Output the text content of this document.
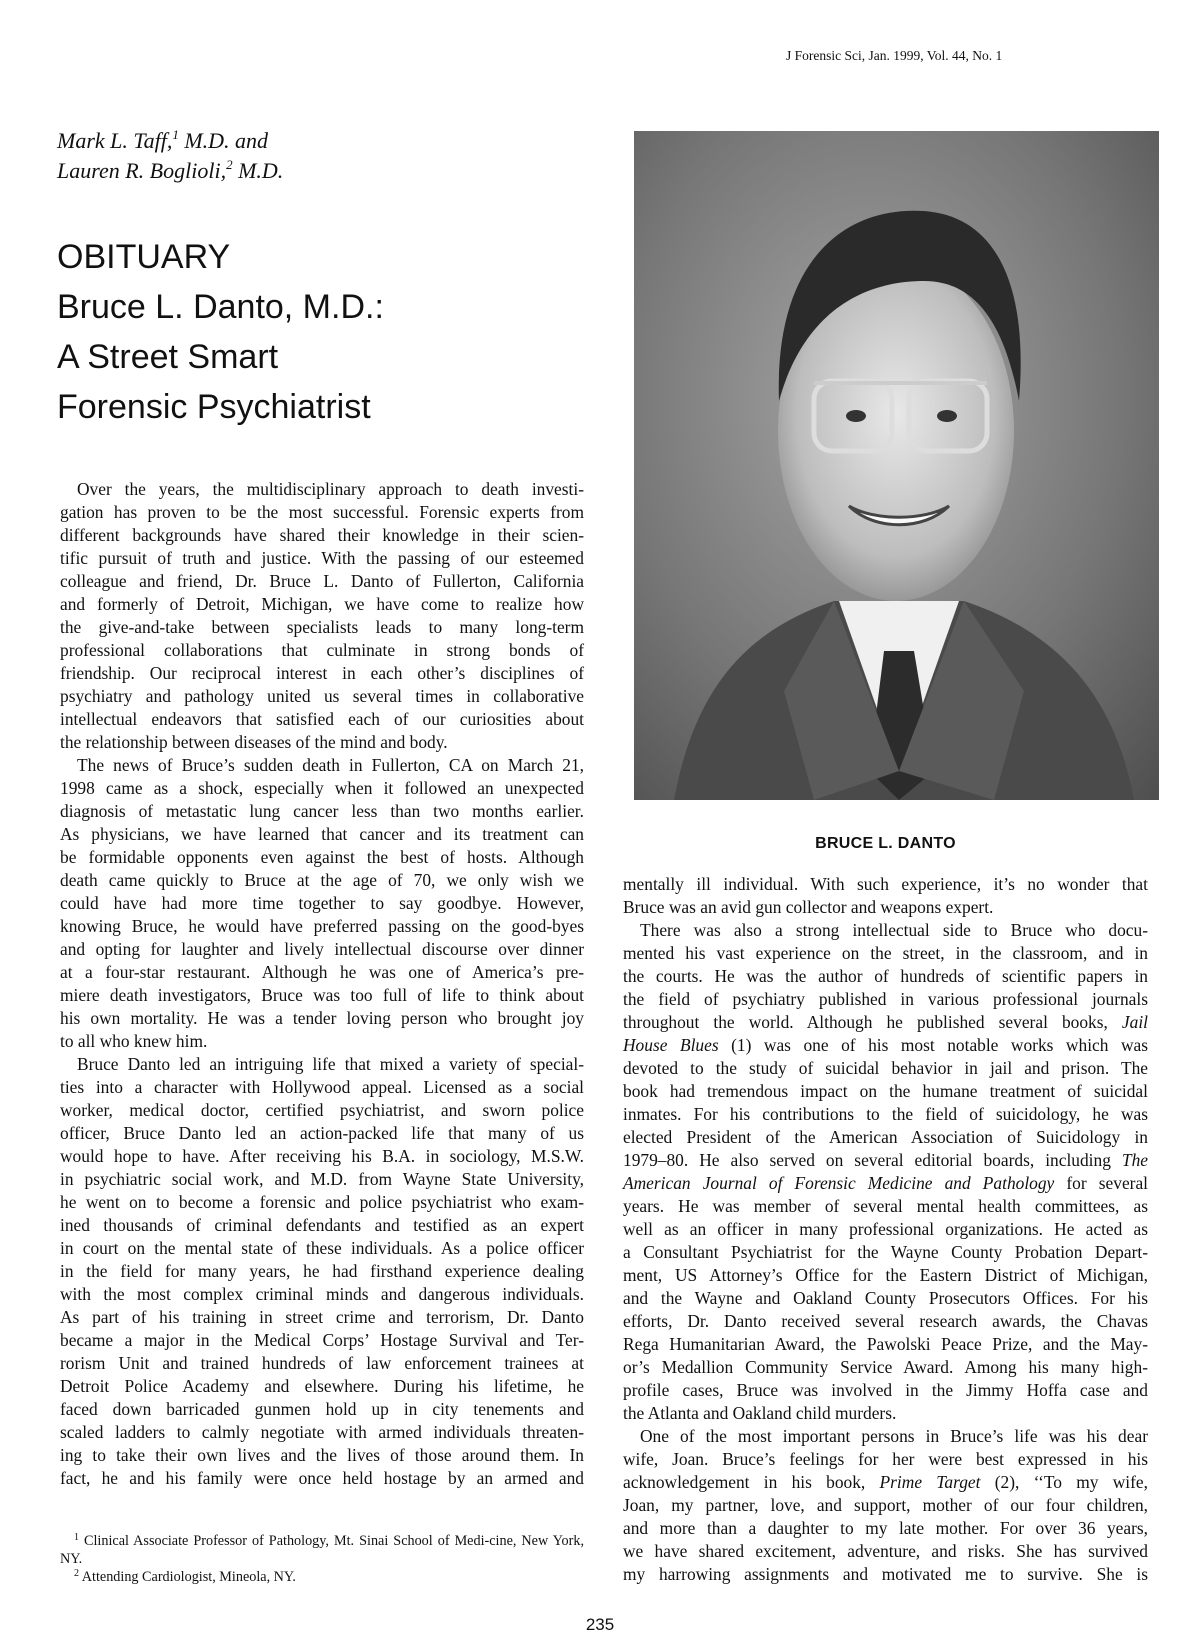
J Forensic Sci, Jan. 1999, Vol. 44, No. 1
Mark L. Taff,$^1$ M.D. and
Lauren R. Boglioli,$^2$ M.D.
OBITUARY
Bruce L. Danto, M.D.:
A Street Smart
Forensic Psychiatrist
BRUCE L. DANTO
Over the years, the multidisciplinary approach to death investi-
gation has proven to be the most successful. Forensic experts from
different backgrounds have shared their knowledge in their scien-
tific pursuit of truth and justice. With the passing of our esteemed
colleague and friend, Dr. Bruce L. Danto of Fullerton, California
and formerly of Detroit, Michigan, we have come to realize how
the give-and-take between specialists leads to many long-term
professional collaborations that culminate in strong bonds of
friendship. Our reciprocal interest in each other’s disciplines of
psychiatry and pathology united us several times in collaborative
intellectual endeavors that satisfied each of our curiosities about
the relationship between diseases of the mind and body.
The news of Bruce’s sudden death in Fullerton, CA on March 21,
1998 came as a shock, especially when it followed an unexpected
diagnosis of metastatic lung cancer less than two months earlier.
As physicians, we have learned that cancer and its treatment can
be formidable opponents even against the best of hosts. Although
death came quickly to Bruce at the age of 70, we only wish we
could have had more time together to say goodbye. However,
knowing Bruce, he would have preferred passing on the good-byes
and opting for laughter and lively intellectual discourse over dinner
at a four-star restaurant. Although he was one of America’s pre-
miere death investigators, Bruce was too full of life to think about
his own mortality. He was a tender loving person who brought joy
to all who knew him.
Bruce Danto led an intriguing life that mixed a variety of special-
ties into a character with Hollywood appeal. Licensed as a social
worker, medical doctor, certified psychiatrist, and sworn police
officer, Bruce Danto led an action-packed life that many of us
would hope to have. After receiving his B.A. in sociology, M.S.W.
in psychiatric social work, and M.D. from Wayne State University,
he went on to become a forensic and police psychiatrist who exam-
ined thousands of criminal defendants and testified as an expert
in court on the mental state of these individuals. As a police officer
in the field for many years, he had firsthand experience dealing
with the most complex criminal minds and dangerous individuals.
As part of his training in street crime and terrorism, Dr. Danto
became a major in the Medical Corps’ Hostage Survival and Ter-
rorism Unit and trained hundreds of law enforcement trainees at
Detroit Police Academy and elsewhere. During his lifetime, he
faced down barricaded gunmen hold up in city tenements and
scaled ladders to calmly negotiate with armed individuals threaten-
ing to take their own lives and the lives of those around them. In
fact, he and his family were once held hostage by an armed and
mentally ill individual. With such experience, it’s no wonder that
Bruce was an avid gun collector and weapons expert.
There was also a strong intellectual side to Bruce who docu-
mented his vast experience on the street, in the classroom, and in
the courts. He was the author of hundreds of scientific papers in
the field of psychiatry published in various professional journals
throughout the world. Although he published several books, Jail
House Blues (1) was one of his most notable works which was
devoted to the study of suicidal behavior in jail and prison. The
book had tremendous impact on the humane treatment of suicidal
inmates. For his contributions to the field of suicidology, he was
elected President of the American Association of Suicidology in
1979–80. He also served on several editorial boards, including The
American Journal of Forensic Medicine and Pathology for several
years. He was member of several mental health committees, as
well as an officer in many professional organizations. He acted as
a Consultant Psychiatrist for the Wayne County Probation Depart-
ment, US Attorney’s Office for the Eastern District of Michigan,
and the Wayne and Oakland County Prosecutors Offices. For his
efforts, Dr. Danto received several research awards, the Chavas
Rega Humanitarian Award, the Pawolski Peace Prize, and the May-
or’s Medallion Community Service Award. Among his many high-
profile cases, Bruce was involved in the Jimmy Hoffa case and
the Atlanta and Oakland child murders.
One of the most important persons in Bruce’s life was his dear
wife, Joan. Bruce’s feelings for her were best expressed in his
acknowledgement in his book, Prime Target (2), ‘‘To my wife,
Joan, my partner, love, and support, mother of our four children,
and more than a daughter to my late mother. For over 36 years,
we have shared excitement, adventure, and risks. She has survived
my harrowing assignments and motivated me to survive. She is
$^1$ Clinical Associate Professor of Pathology, Mt. Sinai School of Medi-cine, New York, NY.
$^2$ Attending Cardiologist, Mineola, NY.
235
